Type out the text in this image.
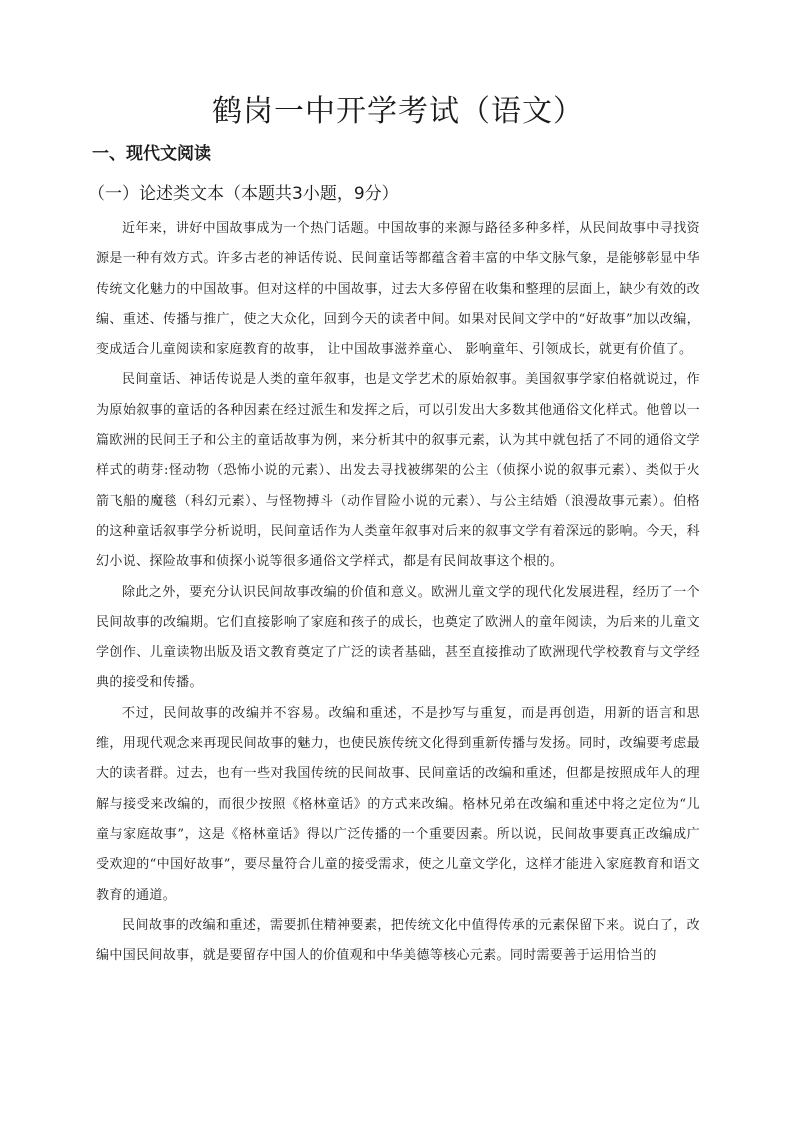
鹤岗一中开学考试（语文）
一、现代文阅读
（一）论述类文本（本题共3小题，9分）

近年来，讲好中国故事成为一个热门话题。中国故事的来源与路径多种多样，从民间故事中寻找资源是一种有效方式。许多古老的神话传说、民间童话等都蕴含着丰富的中华文脉气象，是能够彰显中华传统文化魅力的中国故事。但对这样的中国故事，过去大多停留在收集和整理的层面上，缺少有效的改编、重述、传播与推广，使之大众化，回到今天的读者中间。如果对民间文学中的“好故事”加以改编，变成适合儿童阅读和家庭教育的故事， 让中国故事滋养童心、 影响童年、引领成长，就更有价值了。

民间童话、神话传说是人类的童年叙事，也是文学艺术的原始叙事。美国叙事学家伯格就说过，作为原始叙事的童话的各种因素在经过派生和发挥之后，可以引发出大多数其他通俗文化样式。他曾以一篇欧洲的民间王子和公主的童话故事为例，来分析其中的叙事元素，认为其中就包括了不同的通俗文学样式的萌芽:怪动物（恐怖小说的元素）、出发去寻找被绑架的公主（侦探小说的叙事元素）、类似于火箭飞船的魔毯（科幻元素）、与怪物搏斗（动作冒险小说的元素）、与公主结婚（浪漫故事元素）。伯格的这种童话叙事学分析说明，民间童话作为人类童年叙事对后来的叙事文学有着深远的影响。今天，科幻小说、探险故事和侦探小说等很多通俗文学样式，都是有民间故事这个根的。

除此之外，要充分认识民间故事改编的价值和意义。欧洲儿童文学的现代化发展进程，经历了一个民间故事的改编期。它们直接影响了家庭和孩子的成长，也奠定了欧洲人的童年阅读，为后来的儿童文学创作、儿童读物出版及语文教育奠定了广泛的读者基础，甚至直接推动了欧洲现代学校教育与文学经典的接受和传播。

不过，民间故事的改编并不容易。改编和重述，不是抄写与重复，而是再创造，用新的语言和思维，用现代观念来再现民间故事的魅力，也使民族传统文化得到重新传播与发扬。同时，改编要考虑最大的读者群。过去，也有一些对我国传统的民间故事、民间童话的改编和重述，但都是按照成年人的理解与接受来改编的，而很少按照《格林童话》的方式来改编。格林兄弟在改编和重述中将之定位为“儿童与家庭故事”，这是《格林童话》得以广泛传播的一个重要因素。所以说，民间故事要真正改编成广受欢迎的“中国好故事”，要尽量符合儿童的接受需求，使之儿童文学化，这样才能进入家庭教育和语文教育的通道。

民间故事的改编和重述，需要抓住精神要素，把传统文化中值得传承的元素保留下来。说白了，改编中国民间故事，就是要留存中国人的价值观和中华美德等核心元素。同时需要善于运用恰当的
